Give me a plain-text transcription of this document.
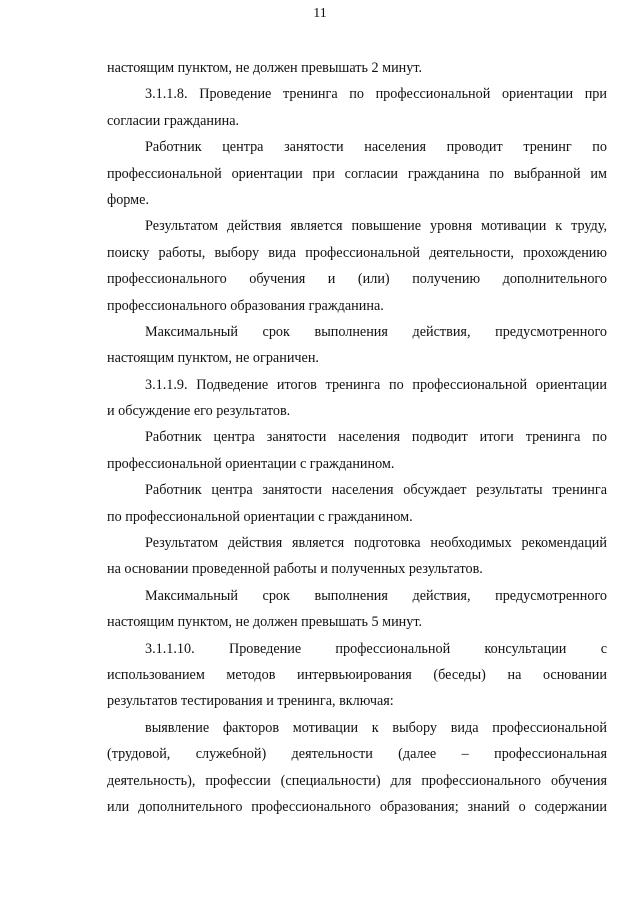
11
настоящим пунктом, не должен превышать 2 минут.
3.1.1.8. Проведение тренинга по профессиональной ориентации при
согласии гражданина.
Работник центра занятости населения проводит тренинг по
профессиональной ориентации при согласии гражданина по выбранной им
форме.
Результатом действия является повышение уровня мотивации к труду,
поиску работы, выбору вида профессиональной деятельности, прохождению
профессионального обучения и (или) получению дополнительного
профессионального образования гражданина.
Максимальный срок выполнения действия, предусмотренного
настоящим пунктом, не ограничен.
3.1.1.9. Подведение итогов тренинга по профессиональной ориентации
и обсуждение его результатов.
Работник центра занятости населения подводит итоги тренинга по
профессиональной ориентации с гражданином.
Работник центра занятости населения обсуждает результаты тренинга
по профессиональной ориентации с гражданином.
Результатом действия является подготовка необходимых рекомендаций
на основании проведенной работы и полученных результатов.
Максимальный срок выполнения действия, предусмотренного
настоящим пунктом, не должен превышать 5 минут.
3.1.1.10. Проведение профессиональной консультации с
использованием методов интервьюирования (беседы) на основании
результатов тестирования и тренинга, включая:
выявление факторов мотивации к выбору вида профессиональной
(трудовой, служебной) деятельности (далее – профессиональная
деятельность), профессии (специальности) для профессионального обучения
или дополнительного профессионального образования; знаний о содержании
